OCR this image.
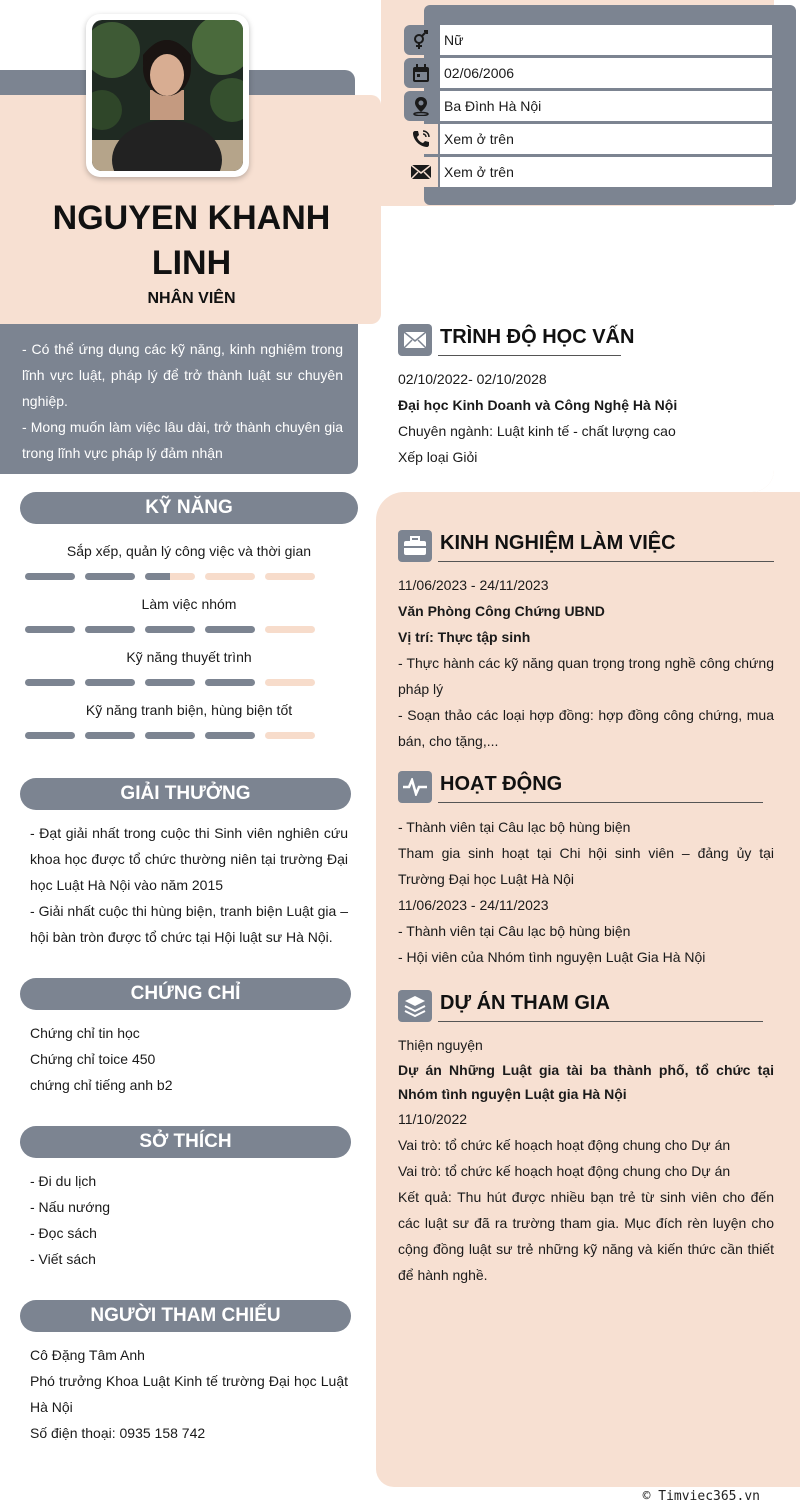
NGUYEN KHANH LINH
NHÂN VIÊN

- Có thể ứng dụng các kỹ năng, kinh nghiệm trong lĩnh vực luật, pháp lý để trở thành luật sư chuyên nghiệp.

- Mong muốn làm việc lâu dài, trở thành chuyên gia trong lĩnh vực pháp lý đảm nhận

Nữ
02/06/2006
Ba Đình Hà Nội
Xem ở trên
Xem ở trên
KỸ NĂNG
Sắp xếp, quản lý công việc và thời gian
Làm việc nhóm
Kỹ năng thuyết trình
Kỹ năng tranh biện, hùng biện tốt
GIẢI THƯỞNG

- Đạt giải nhất trong cuộc thi Sinh viên nghiên cứu khoa học được tổ chức thường niên tại trường Đại học Luật Hà Nội vào năm 2015

- Giải nhất cuộc thi hùng biện, tranh biện Luật gia – hội bàn tròn được tổ chức tại Hội luật sư Hà Nội.

CHỨNG CHỈ

Chứng chỉ tin học

Chứng chỉ toice 450

chứng chỉ tiếng anh b2

SỞ THÍCH

- Đi du lịch

- Nấu nướng

- Đọc sách

- Viết sách

NGƯỜI THAM CHIẾU

Cô Đặng Tâm Anh

Phó trưởng Khoa Luật Kinh tế trường Đại học Luật Hà Nội

Số điện thoại: 0935 158 742

TRÌNH ĐỘ HỌC VẤN

02/10/2022- 02/10/2028

Đại học Kinh Doanh và Công Nghệ Hà Nội

Chuyên ngành: Luật kinh tế - chất lượng cao

Xếp loại Giỏi

KINH NGHIỆM LÀM VIỆC

11/06/2023 - 24/11/2023

Văn Phòng Công Chứng UBND

Vị trí: Thực tập sinh

- Thực hành các kỹ năng quan trọng trong nghề công chứng pháp lý

- Soạn thảo các loại hợp đồng: hợp đồng công chứng, mua bán, cho tặng,...

HOẠT ĐỘNG

- Thành viên tại Câu lạc bộ hùng biện

Tham gia sinh hoạt tại Chi hội sinh viên – đảng ủy tại Trường Đại học Luật Hà Nội

11/06/2023 - 24/11/2023

- Thành viên tại Câu lạc bộ hùng biện

- Hội viên của Nhóm tình nguyện Luật Gia Hà Nội

DỰ ÁN THAM GIA

Thiện nguyện

Dự án Những Luật gia tài ba thành phố, tổ chức tại Nhóm tình nguyện Luật gia Hà Nội

11/10/2022

Vai trò: tổ chức kế hoạch hoạt động chung cho Dự án

Vai trò: tổ chức kế hoạch hoạt động chung cho Dự án

Kết quả: Thu hút được nhiều bạn trẻ từ sinh viên cho đến các luật sư đã ra trường tham gia. Mục đích rèn luyện cho cộng đồng luật sư trẻ những kỹ năng và kiến thức cần thiết để hành nghề.

© Timviec365.vn
